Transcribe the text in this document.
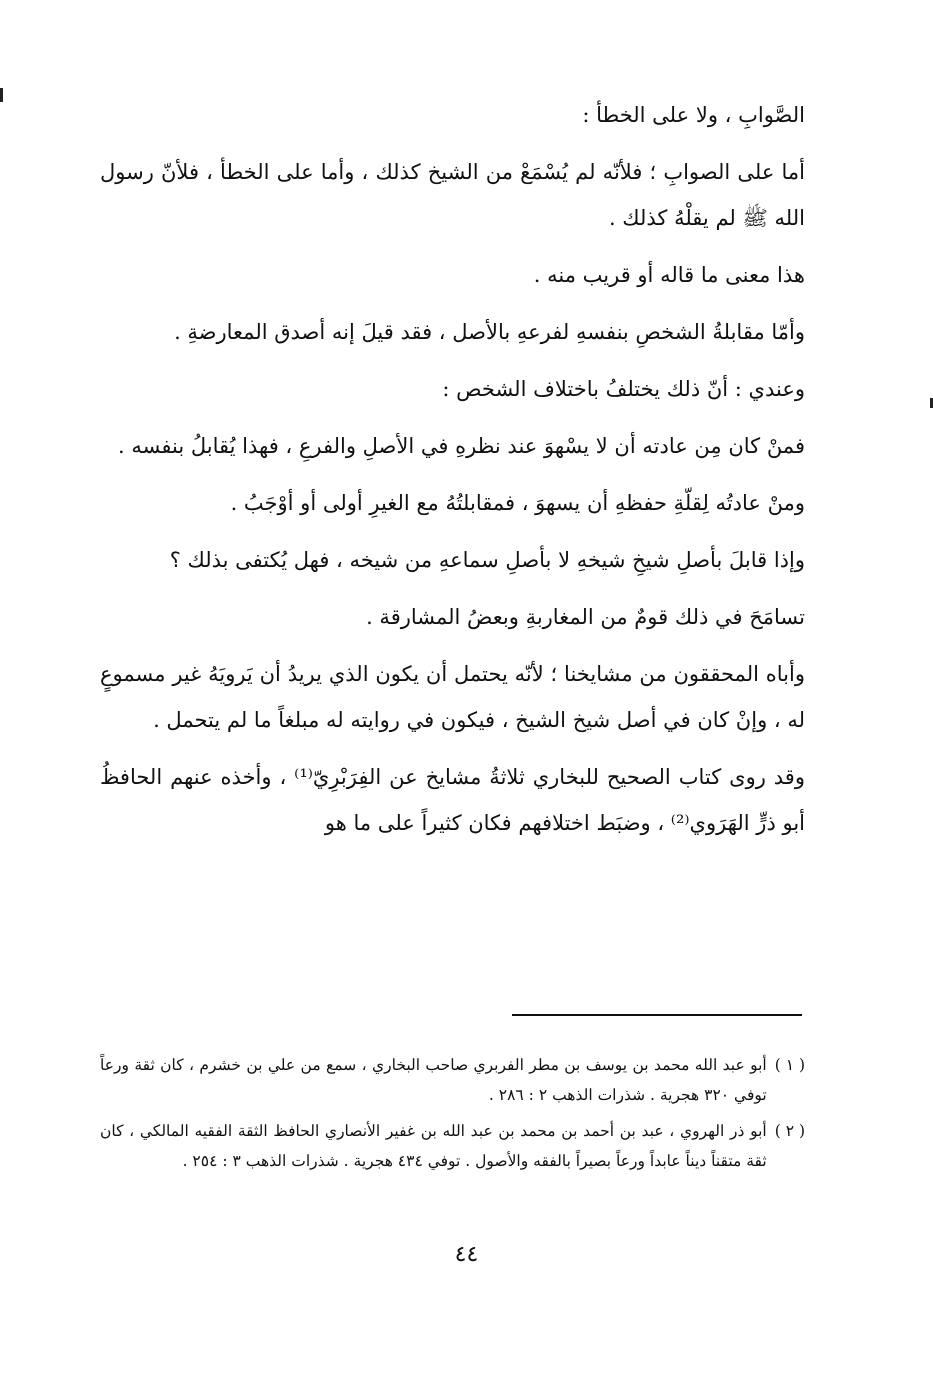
الصَّوابِ ، ولا على الخطأ :

أما على الصوابِ ؛ فلأنّه لم يُسْمَعْ من الشيخ كذلك ، وأما على الخطأ ، فلأنّ رسول الله ﷺ لم يقلْهُ كذلك .

هذا معنى ما قاله أو قريب منه .

وأمّا مقابلةُ الشخصِ بنفسهِ لفرعهِ بالأصل ، فقد قيلَ إنه أصدق المعارضةِ .

وعندي : أنّ ذلك يختلفُ باختلاف الشخص :

فمنْ كان مِن عادته أن لا يسْهوَ عند نظرهِ في الأصلِ والفرعِ ، فهذا يُقابلُ بنفسه .

ومنْ عادتُه لِقلّةِ حفظهِ أن يسهوَ ، فمقابلتُهُ مع الغيرِ أولى أو أوْجَبُ .

وإذا قابلَ بأصلِ شيخِ شيخهِ لا بأصلِ سماعهِ من شيخه ، فهل يُكتفى بذلك ؟

تسامَحَ في ذلك قومٌ من المغاربةِ وبعضُ المشارقة .

وأباه المحققون من مشايخنا ؛ لأنّه يحتمل أن يكون الذي يريدُ أن يَرويَهُ غير مسموعٍ له ، وإنْ كان في أصل شيخ الشيخ ، فيكون في روايته له مبلغاً ما لم يتحمل .

وقد روى كتاب الصحيح للبخاري ثلاثةُ مشايخ عن الفِرَبْرِيّ⁽¹⁾ ، وأخذه عنهم الحافظُ أبو ذرٍّ الهَرَوي⁽²⁾ ، وضبَط اختلافهم فكان كثيراً على ما هو

( ١ )
أبو عبد الله محمد بن يوسف بن مطر الفربري صاحب البخاري ، سمع من علي بن خشرم ، كان ثقة ورعاً توفي ٣٢٠ هجرية . شذرات الذهب ٢ : ٢٨٦ .
( ٢ )
أبو ذر الهروي ، عبد بن أحمد بن محمد بن عبد الله بن غفير الأنصاري الحافظ الثقة الفقيه المالكي ، كان ثقة متقناً ديناً عابداً ورعاً بصيراً بالفقه والأصول . توفي ٤٣٤ هجرية . شذرات الذهب ٣ : ٢٥٤ .
٤٤
